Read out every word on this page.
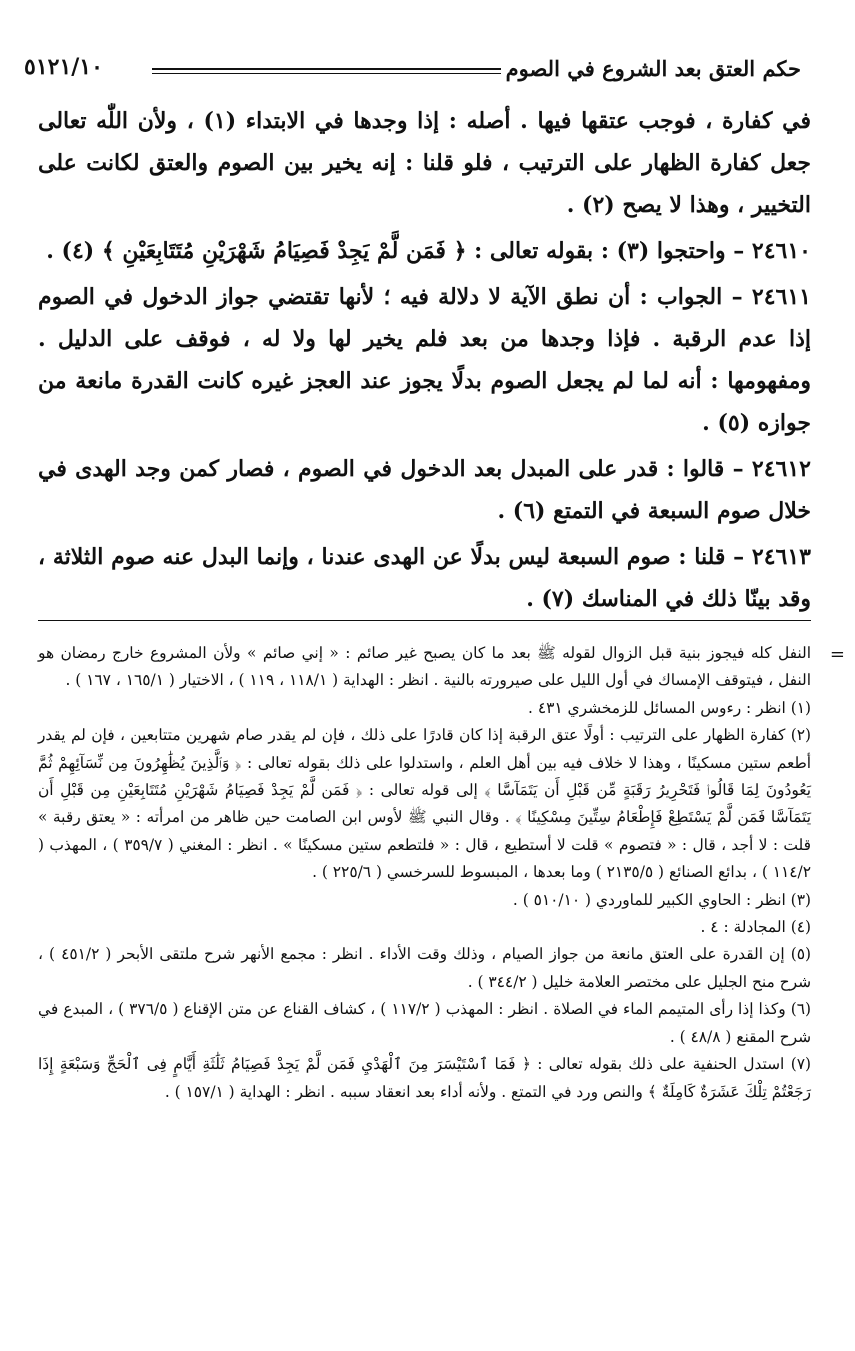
حكم العتق بعد الشروع في الصوم
٥١٢١/١٠

في كفارة ، فوجب عتقها فيها . أصله : إذا وجدها في الابتداء (١) ، ولأن اللّٰه تعالى جعل كفارة الظهار على الترتيب ، فلو قلنا : إنه يخير بين الصوم والعتق لكانت على التخيير ، وهذا لا يصح (٢) .

٢٤٦١٠ – واحتجوا (٣) : بقوله تعالى : ﴿ فَمَن لَّمْ يَجِدْ فَصِيَامُ شَهْرَيْنِ مُتَتَابِعَيْنِ ﴾ (٤) .

٢٤٦١١ – الجواب : أن نطق الآية لا دلالة فيه ؛ لأنها تقتضي جواز الدخول في الصوم إذا عدم الرقبة . فإذا وجدها من بعد فلم يخير لها ولا له ، فوقف على الدليل . ومفهومها : أنه لما لم يجعل الصوم بدلًا يجوز عند العجز غيره كانت القدرة مانعة من جوازه (٥) .

٢٤٦١٢ – قالوا : قدر على المبدل بعد الدخول في الصوم ، فصار كمن وجد الهدى في خلال صوم السبعة في التمتع (٦) .

٢٤٦١٣ – قلنا : صوم السبعة ليس بدلًا عن الهدى عندنا ، وإنما البدل عنه صوم الثلاثة ، وقد بينّا ذلك في المناسك (٧) .

=

النفل كله فيجوز بنية قبل الزوال لقوله ﷺ بعد ما كان يصبح غير صائم : « إني صائم » ولأن المشروع خارج رمضان هو النفل ، فيتوقف الإمساك في أول الليل على صيرورته بالنية . انظر : الهداية ( ١١٨/١ ، ١١٩ ) ، الاختيار ( ١٦٥/١ ، ١٦٧ ) .

(١) انظر : رءوس المسائل للزمخشري ٤٣١ .

(٢) كفارة الظهار على الترتيب : أولًا عتق الرقبة إذا كان قادرًا على ذلك ، فإن لم يقدر صام شهرين متتابعين ، فإن لم يقدر أطعم ستين مسكينًا ، وهذا لا خلاف فيه بين أهل العلم ، واستدلوا على ذلك بقوله تعالى : ﴿ وَٱلَّذِينَ يُظَٰهِرُونَ مِن نِّسَآئِهِمْ ثُمَّ يَعُودُونَ لِمَا قَالُوا۟ فَتَحْرِيرُ رَقَبَةٍ مِّن قَبْلِ أَن يَتَمَآسَّا ﴾ إلى قوله تعالى : ﴿ فَمَن لَّمْ يَجِدْ فَصِيَامُ شَهْرَيْنِ مُتَتَابِعَيْنِ مِن قَبْلِ أَن يَتَمَآسَّا فَمَن لَّمْ يَسْتَطِعْ فَإِطْعَامُ سِتِّينَ مِسْكِينًا ﴾ . وقال النبي ﷺ لأوس ابن الصامت حين ظاهر من امرأته : « يعتق رقبة » قلت : لا أجد ، قال : « فتصوم » قلت لا أستطيع ، قال : « فلتطعم ستين مسكينًا » . انظر : المغني ( ٣٥٩/٧ ) ، المهذب ( ١١٤/٢ ) ، بدائع الصنائع ( ٢١٣٥/٥ ) وما بعدها ، المبسوط للسرخسي ( ٢٢٥/٦ ) .

(٣) انظر : الحاوي الكبير للماوردي ( ٥١٠/١٠ ) .

(٤) المجادلة : ٤ .

(٥) إن القدرة على العتق مانعة من جواز الصيام ، وذلك وقت الأداء . انظر : مجمع الأنهر شرح ملتقى الأبحر ( ٤٥١/٢ ) ، شرح منح الجليل على مختصر العلامة خليل ( ٣٤٤/٢ ) .

(٦) وكذا إذا رأى المتيمم الماء في الصلاة . انظر : المهذب ( ١١٧/٢ ) ، كشاف القناع عن متن الإقناع ( ٣٧٦/٥ ) ، المبدع في شرح المقنع ( ٤٨/٨ ) .

(٧) استدل الحنفية على ذلك بقوله تعالى : ﴿ فَمَا ٱسْتَيْسَرَ مِنَ ٱلْهَدْيِ فَمَن لَّمْ يَجِدْ فَصِيَامُ ثَلَٰثَةِ أَيَّامٍ فِى ٱلْحَجِّ وَسَبْعَةٍ إِذَا رَجَعْتُمْ تِلْكَ عَشَرَةٌ كَامِلَةٌ ﴾ والنص ورد في التمتع . ولأنه أداء بعد انعقاد سببه . انظر : الهداية ( ١٥٧/١ ) .
